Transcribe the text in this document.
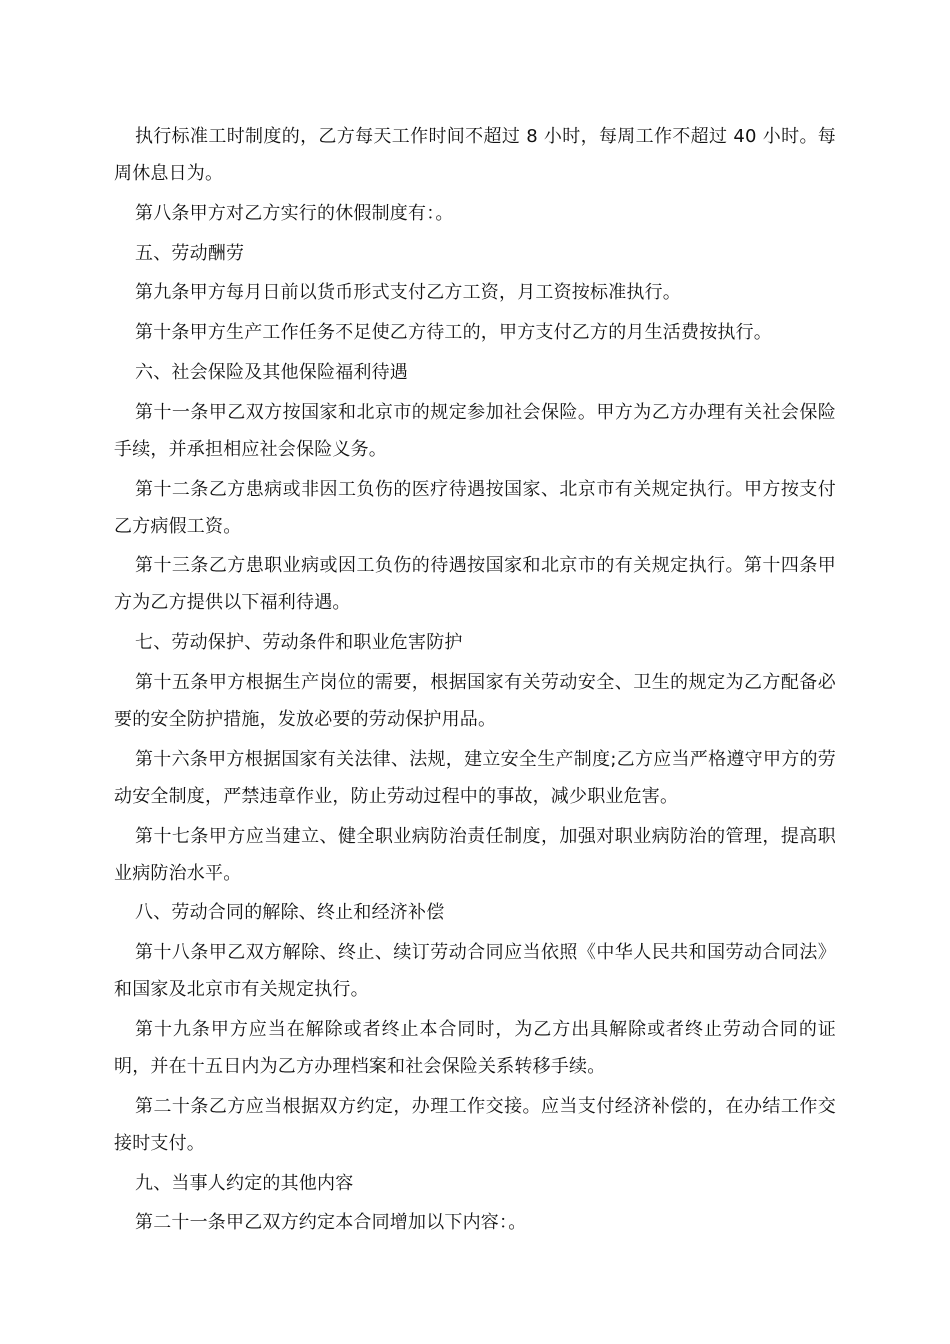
执行标准工时制度的，乙方每天工作时间不超过 8 小时，每周工作不超过 40 小时。每周休息日为。

第八条甲方对乙方实行的休假制度有：。

五、劳动酬劳

第九条甲方每月日前以货币形式支付乙方工资，月工资按标准执行。

第十条甲方生产工作任务不足使乙方待工的，甲方支付乙方的月生活费按执行。

六、社会保险及其他保险福利待遇

第十一条甲乙双方按国家和北京市的规定参加社会保险。甲方为乙方办理有关社会保险手续，并承担相应社会保险义务。

第十二条乙方患病或非因工负伤的医疗待遇按国家、北京市有关规定执行。甲方按支付乙方病假工资。

第十三条乙方患职业病或因工负伤的待遇按国家和北京市的有关规定执行。第十四条甲方为乙方提供以下福利待遇。

七、劳动保护、劳动条件和职业危害防护

第十五条甲方根据生产岗位的需要，根据国家有关劳动安全、卫生的规定为乙方配备必要的安全防护措施，发放必要的劳动保护用品。

第十六条甲方根据国家有关法律、法规，建立安全生产制度;乙方应当严格遵守甲方的劳动安全制度，严禁违章作业，防止劳动过程中的事故，减少职业危害。

第十七条甲方应当建立、健全职业病防治责任制度，加强对职业病防治的管理，提高职业病防治水平。

八、劳动合同的解除、终止和经济补偿

第十八条甲乙双方解除、终止、续订劳动合同应当依照《中华人民共和国劳动合同法》和国家及北京市有关规定执行。

第十九条甲方应当在解除或者终止本合同时，为乙方出具解除或者终止劳动合同的证明，并在十五日内为乙方办理档案和社会保险关系转移手续。

第二十条乙方应当根据双方约定，办理工作交接。应当支付经济补偿的，在办结工作交接时支付。

九、当事人约定的其他内容

第二十一条甲乙双方约定本合同增加以下内容：。
